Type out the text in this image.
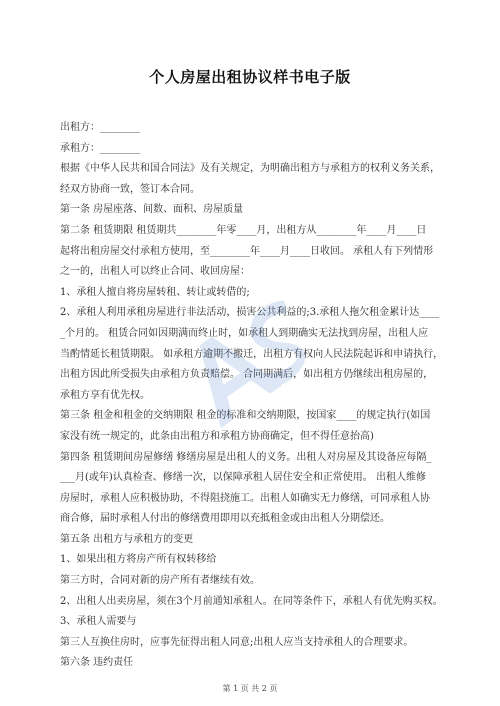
个人房屋出租协议样书电子版
出租方：________
承租方：________
根据《中华人民共和国合同法》及有关规定，为明确出租方与承租方的权利义务关系，
经双方协商一致，签订本合同。
第一条 房屋座落、间数、面积、房屋质量
第二条 租赁期限 租赁期共________年零____月，出租方从________年____月____日
起将出租房屋交付承租方使用，至________年____月____日收回。 承租人有下列情形
之一的，出租人可以终止合同、收回房屋：
1、承租人擅自将房屋转租、转让或转借的;
2、承租人利用承租房屋进行非法活动，损害公共利益的;3.承租人拖欠租金累计达____
_个月的。 租赁合同如因期满而终止时，如承租人到期确实无法找到房屋，出租人应
当酌情延长租赁期限。 如承租方逾期不搬迁，出租方有权向人民法院起诉和申请执行，
出租方因此所受损失由承租方负责赔偿。 合同期满后，如出租方仍继续出租房屋的，
承租方享有优先权。
第三条 租金和租金的交纳期限 租金的标准和交纳期限，按国家____的规定执行(如国
家没有统一规定的，此条由出租方和承租方协商确定，但不得任意抬高)
第四条 租赁期间房屋修缮 修缮房屋是出租人的义务。出租人对房屋及其设备应每隔_
___月(或年)认真检查、修缮一次，以保障承租人居住安全和正常使用。 出租人维修
房屋时，承租人应积极协助，不得阻挠施工。出租人如确实无力修缮，可同承租人协
商合修，届时承租人付出的修缮费用即用以充抵租金或由出租人分期偿还。
第五条 出租方与承租方的变更
1、如果出租方将房产所有权转移给
第三方时，合同对新的房产所有者继续有效。
2、出租人出卖房屋，须在3个月前通知承租人。在同等条件下，承租人有优先购买权。
3、承租人需要与
第三人互换住房时，应事先征得出租人同意;出租人应当支持承租人的合理要求。
第六条 违约责任
第 1 页 共 2 页
